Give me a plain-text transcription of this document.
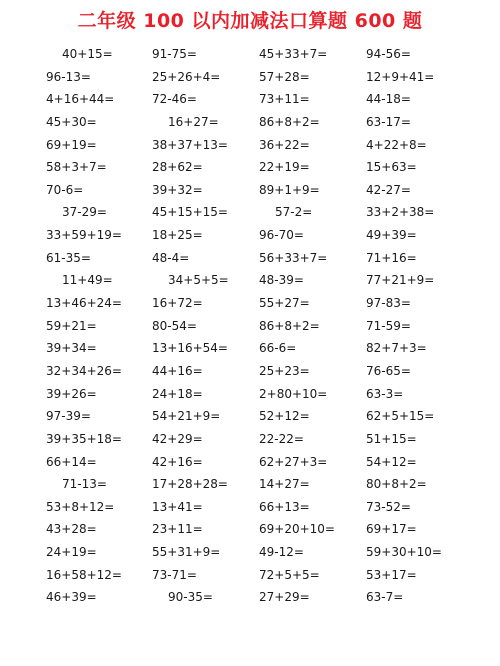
二年级 100 以内加减法口算题 600 题
40+15=	91-75=	45+33+7=	94-56=
96-13=	25+26+4=	57+28=	12+9+41=
4+16+44=	72-46=	73+11=	44-18=
45+30=	16+27=	86+8+2=	63-17=
69+19=	38+37+13=	36+22=	4+22+8=
58+3+7=	28+62=	22+19=	15+63=
70-6=	39+32=	89+1+9=	42-27=
37-29=	45+15+15=	57-2=	33+2+38=
33+59+19=	18+25=	96-70=	49+39=
61-35=	48-4=	56+33+7=	71+16=
11+49=	34+5+5=	48-39=	77+21+9=
13+46+24=	16+72=	55+27=	97-83=
59+21=	80-54=	86+8+2=	71-59=
39+34=	13+16+54=	66-6=	82+7+3=
32+34+26=	44+16=	25+23=	76-65=
39+26=	24+18=	2+80+10=	63-3=
97-39=	54+21+9=	52+12=	62+5+15=
39+35+18=	42+29=	22-22=	51+15=
66+14=	42+16=	62+27+3=	54+12=
71-13=	17+28+28=	14+27=	80+8+2=
53+8+12=	13+41=	66+13=	73-52=
43+28=	23+11=	69+20+10=	69+17=
24+19=	55+31+9=	49-12=	59+30+10=
16+58+12=	73-71=	72+5+5=	53+17=
46+39=	90-35=	27+29=	63-7=
